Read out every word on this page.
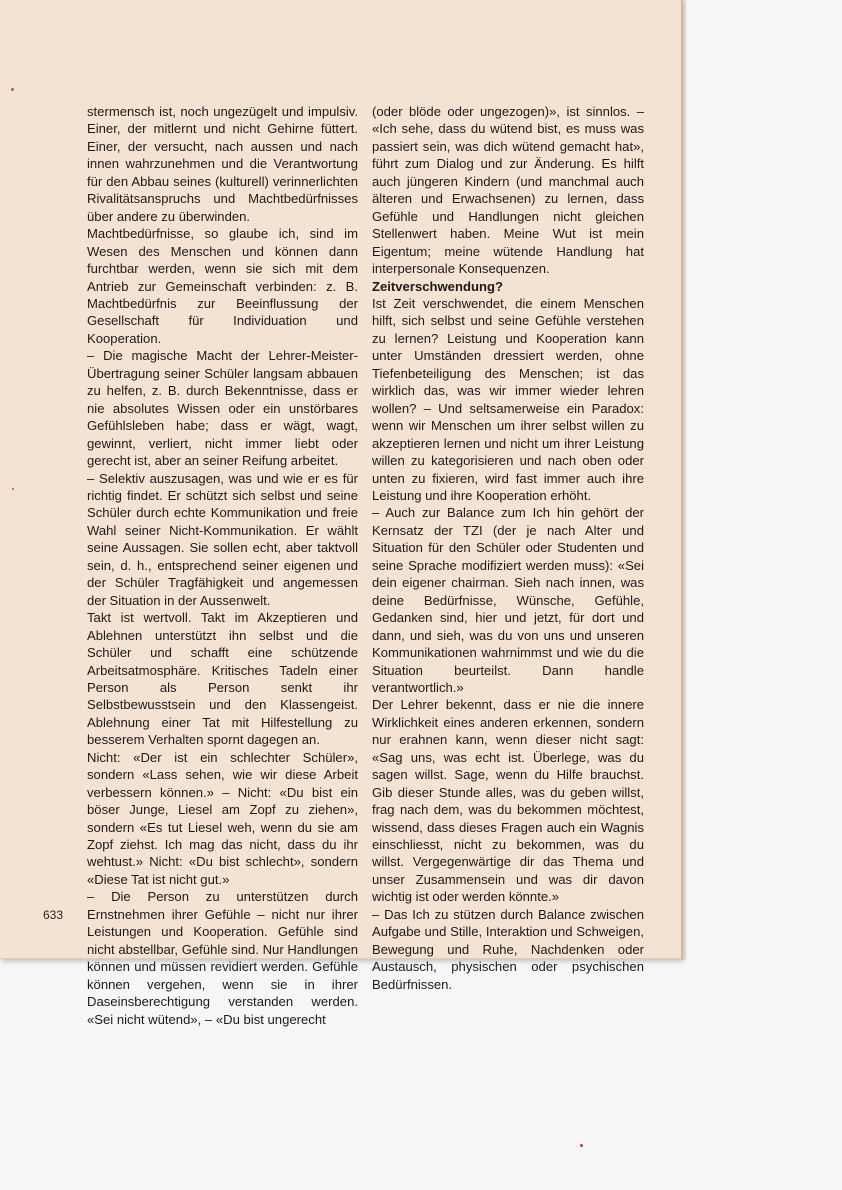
stermensch ist, noch ungezügelt und impulsiv. Einer, der mitlernt und nicht Gehirne füttert. Einer, der versucht, nach aussen und nach innen wahrzunehmen und die Verantwortung für den Abbau seines (kulturell) verinnerlichten Rivalitätsanspruchs und Machtbedürfnisses über andere zu überwinden.

Machtbedürfnisse, so glaube ich, sind im Wesen des Menschen und können dann furchtbar werden, wenn sie sich mit dem Antrieb zur Gemeinschaft verbinden: z. B. Machtbedürfnis zur Beeinflussung der Gesellschaft für Individuation und Kooperation.

– Die magische Macht der Lehrer-Meister-Übertragung seiner Schüler langsam abbauen zu helfen, z. B. durch Bekenntnisse, dass er nie absolutes Wissen oder ein unstörbares Gefühlsleben habe; dass er wägt, wagt, gewinnt, verliert, nicht immer liebt oder gerecht ist, aber an seiner Reifung arbeitet.

– Selektiv auszusagen, was und wie er es für richtig findet. Er schützt sich selbst und seine Schüler durch echte Kommunikation und freie Wahl seiner Nicht-Kommunikation. Er wählt seine Aussagen. Sie sollen echt, aber taktvoll sein, d. h., entsprechend seiner eigenen und der Schüler Tragfähigkeit und angemessen der Situation in der Aussenwelt.

Takt ist wertvoll. Takt im Akzeptieren und Ablehnen unterstützt ihn selbst und die Schüler und schafft eine schützende Arbeitsatmosphäre. Kritisches Tadeln einer Person als Person senkt ihr Selbstbewusstsein und den Klassengeist. Ablehnung einer Tat mit Hilfestellung zu besserem Verhalten spornt dagegen an.

Nicht: «Der ist ein schlechter Schüler», sondern «Lass sehen, wie wir diese Arbeit verbessern können.» – Nicht: «Du bist ein böser Junge, Liesel am Zopf zu ziehen», sondern «Es tut Liesel weh, wenn du sie am Zopf ziehst. Ich mag das nicht, dass du ihr wehtust.» Nicht: «Du bist schlecht», sondern «Diese Tat ist nicht gut.»

– Die Person zu unterstützen durch Ernstnehmen ihrer Gefühle – nicht nur ihrer Leistungen und Kooperation. Gefühle sind nicht abstellbar, Gefühle sind. Nur Handlungen können und müssen revidiert werden. Gefühle können vergehen, wenn sie in ihrer Daseinsberechtigung verstanden werden. «Sei nicht wütend», – «Du bist ungerecht

(oder blöde oder ungezogen)», ist sinnlos. – «Ich sehe, dass du wütend bist, es muss was passiert sein, was dich wütend gemacht hat», führt zum Dialog und zur Änderung. Es hilft auch jüngeren Kindern (und manchmal auch älteren und Erwachsenen) zu lernen, dass Gefühle und Handlungen nicht gleichen Stellenwert haben. Meine Wut ist mein Eigentum; meine wütende Handlung hat interpersonale Konsequenzen.

Zeitverschwendung?

Ist Zeit verschwendet, die einem Menschen hilft, sich selbst und seine Gefühle verstehen zu lernen? Leistung und Kooperation kann unter Umständen dressiert werden, ohne Tiefenbeteiligung des Menschen; ist das wirklich das, was wir immer wieder lehren wollen? – Und seltsamerweise ein Paradox: wenn wir Menschen um ihrer selbst willen zu akzeptieren lernen und nicht um ihrer Leistung willen zu kategorisieren und nach oben oder unten zu fixieren, wird fast immer auch ihre Leistung und ihre Kooperation erhöht.

– Auch zur Balance zum Ich hin gehört der Kernsatz der TZI (der je nach Alter und Situation für den Schüler oder Studenten und seine Sprache modifiziert werden muss): «Sei dein eigener chairman. Sieh nach innen, was deine Bedürfnisse, Wünsche, Gefühle, Gedanken sind, hier und jetzt, für dort und dann, und sieh, was du von uns und unseren Kommunikationen wahrnimmst und wie du die Situation beurteilst. Dann handle verantwortlich.»

Der Lehrer bekennt, dass er nie die innere Wirklichkeit eines anderen erkennen, sondern nur erahnen kann, wenn dieser nicht sagt: «Sag uns, was echt ist. Überlege, was du sagen willst. Sage, wenn du Hilfe brauchst. Gib dieser Stunde alles, was du geben willst, frag nach dem, was du bekommen möchtest, wissend, dass dieses Fragen auch ein Wagnis einschliesst, nicht zu bekommen, was du willst. Vergegenwärtige dir das Thema und unser Zusammensein und was dir davon wichtig ist oder werden könnte.»

– Das Ich zu stützen durch Balance zwischen Aufgabe und Stille, Interaktion und Schweigen, Bewegung und Ruhe, Nachdenken oder Austausch, physischen oder psychischen Bedürfnissen.

633
